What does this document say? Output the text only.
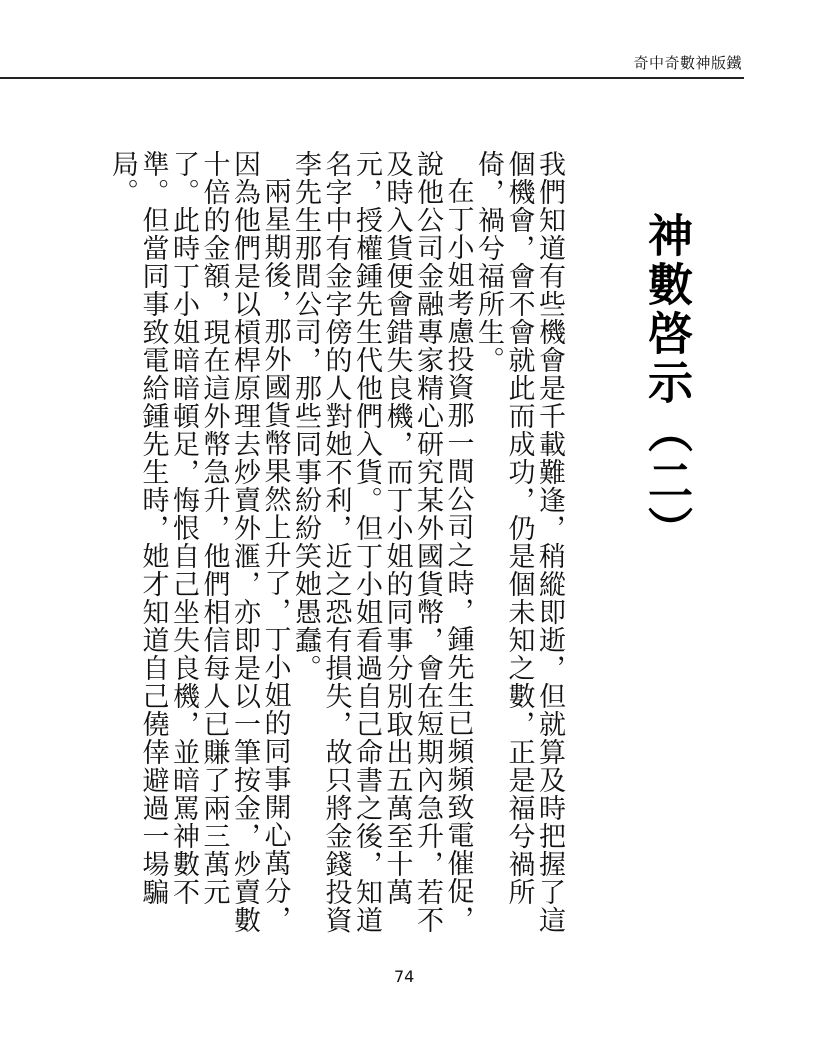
奇中奇數神版鐵
神數啓示（二）

我們知道有些機會是千載難逢，稍縱即逝，但就算及時把握了這個機會，會不會就此而成功，仍是個未知之數，正是福兮禍所倚，禍兮福所生。

在丁小姐考慮投資那一間公司之時，鍾先生已頻頻致電催促，說他公司金融專家精心研究某外國貨幣，會在短期內急升，若不及時入貨便會錯失良機，而丁小姐的同事分別取出五萬至十萬元，授權鍾先生代他們入貨。但丁小姐看過自己命書之後，知道名字中有金字傍的人對她不利，近之恐有損失，故只將金錢投資李先生那間公司，那些同事紛紛笑她愚蠢。

兩星期後，那外國貨幣果然上升了，丁小姐的同事開心萬分，因為他們是以槓桿原理去炒賣外滙，亦即是以一筆按金，炒賣數十倍的金額，現在這外幣急升，他們相信每人已賺了兩三萬元了。此時丁小姐暗暗頓足，悔恨自己坐失良機，並暗罵神數不準。但當同事致電給鍾先生時，她才知道自己僥倖避過一場騙局。

74
